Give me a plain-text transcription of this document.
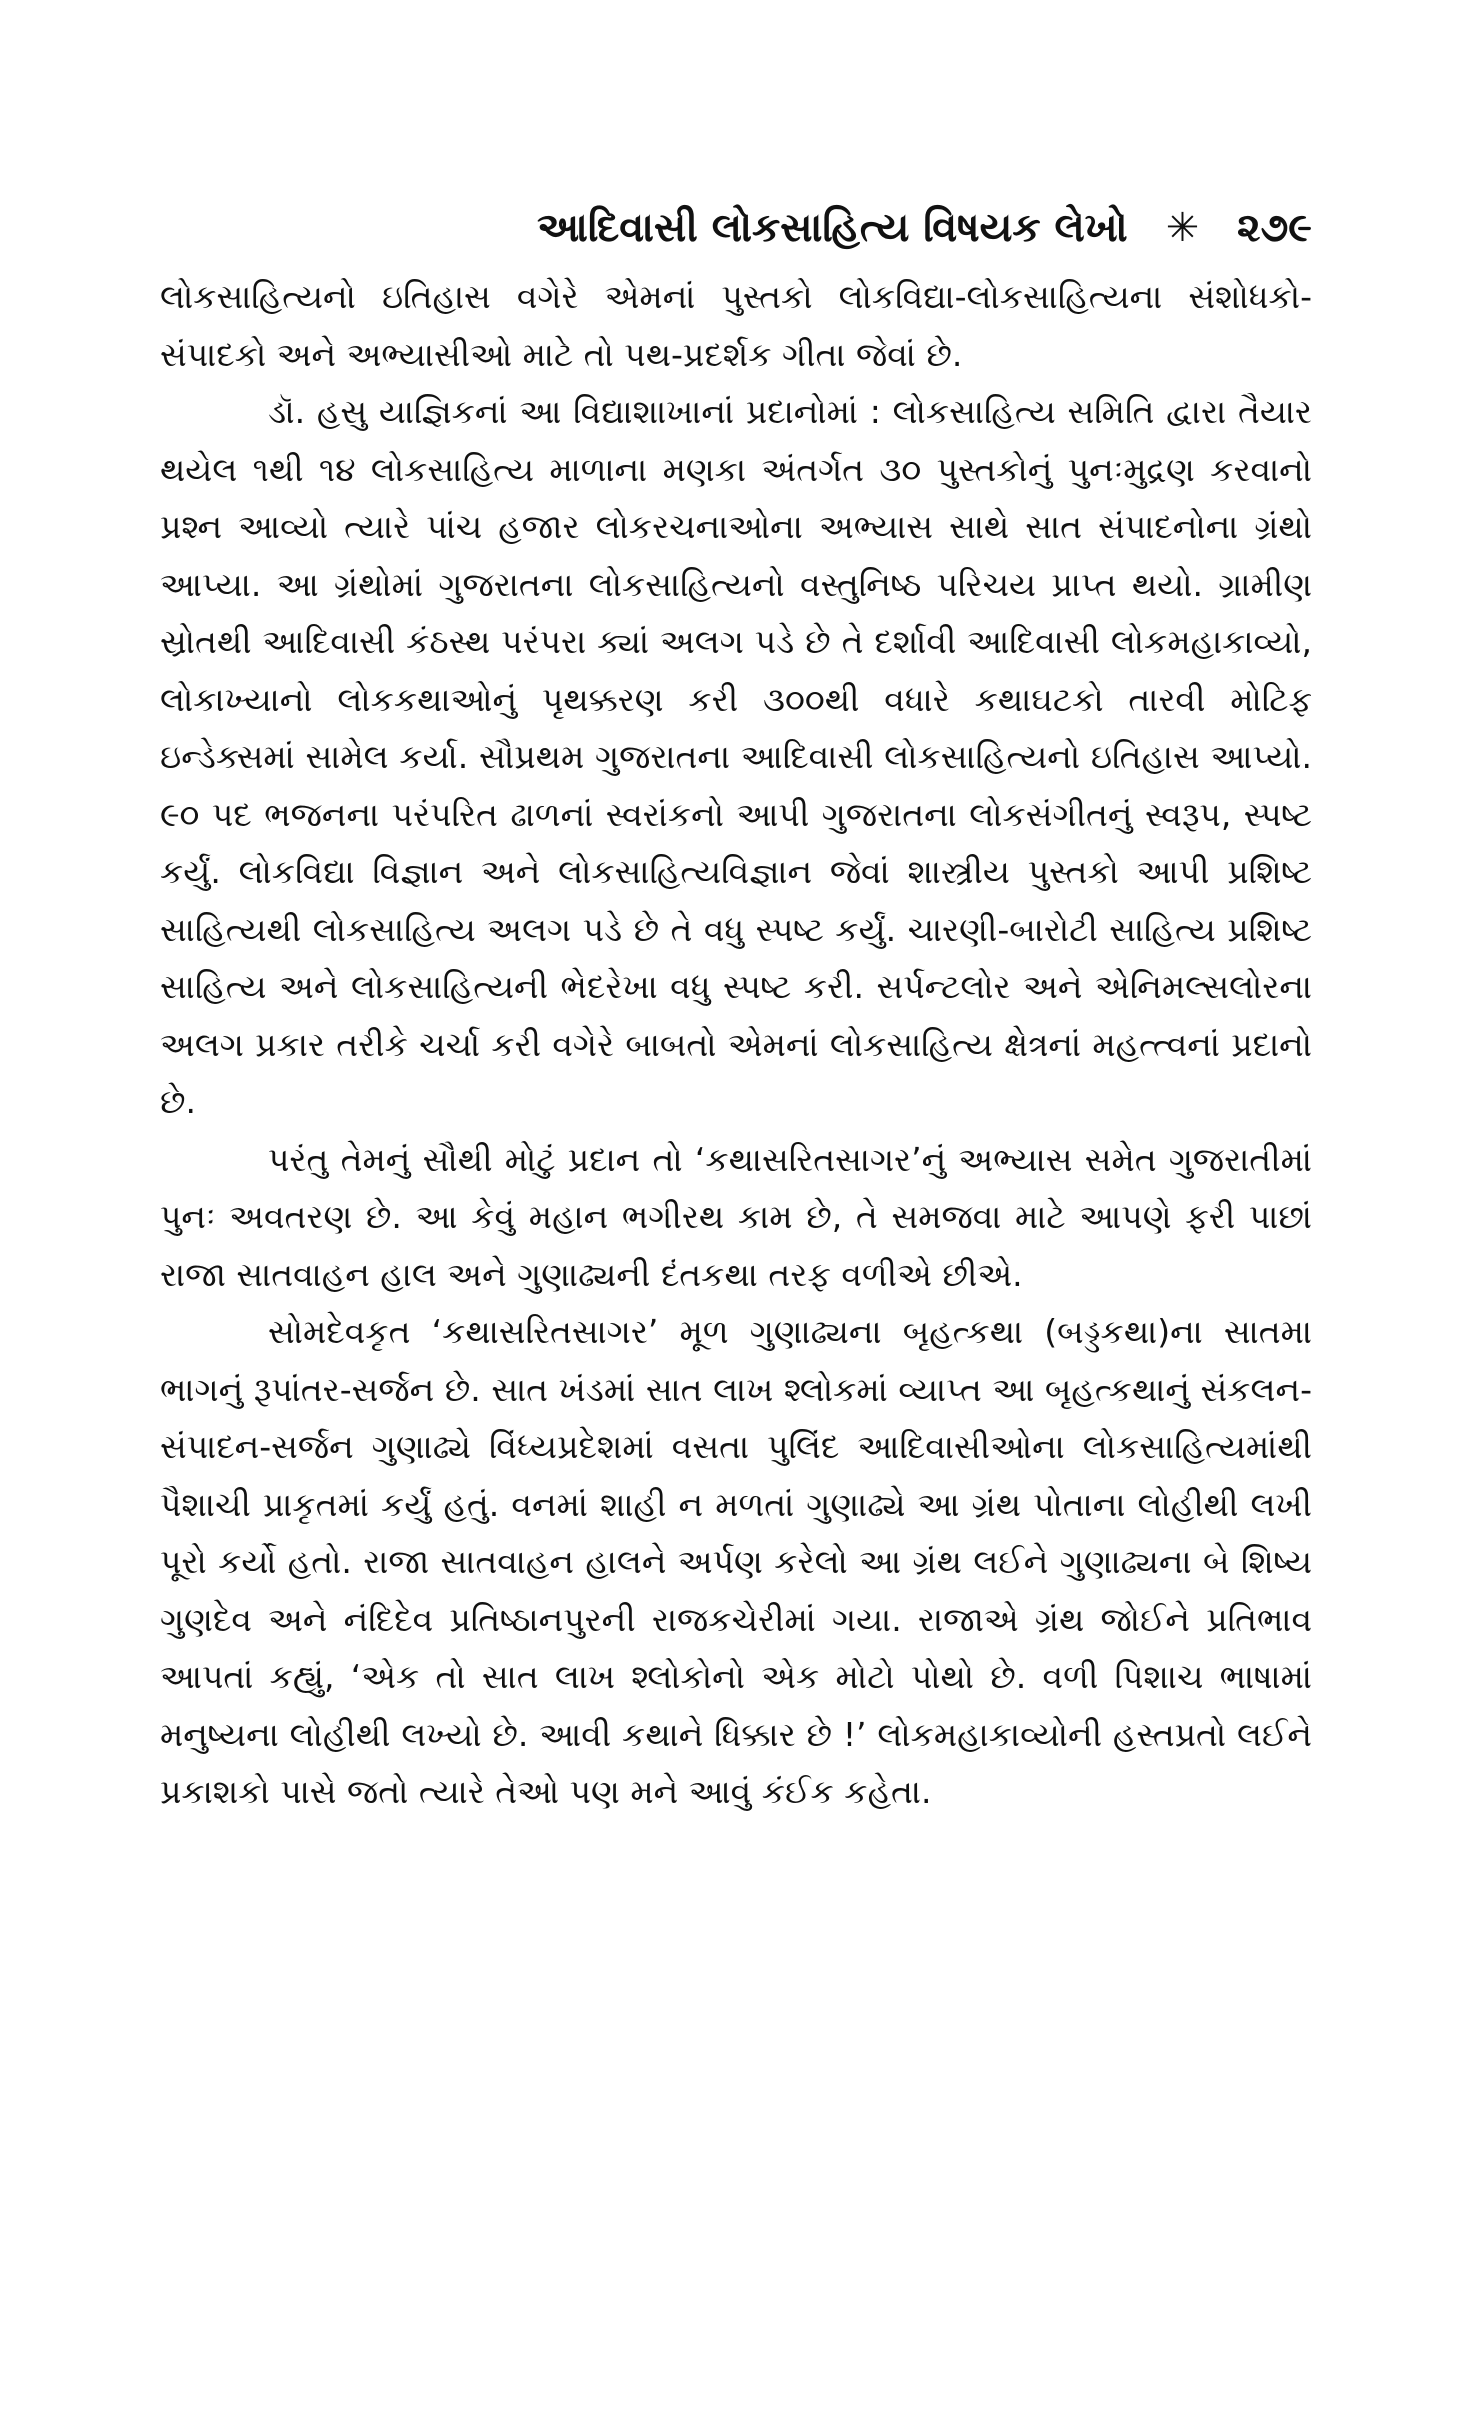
આદિવાસી લોકસાહિત્ય વિષયક લેખો ✳ ૨૭૯

લોકસાહિત્યનો ઇતિહાસ વગેરે એમનાં પુસ્તકો લોકવિદ્યા-લોકસાહિત્યના સંશોધકો-સંપાદકો અને અભ્યાસીઓ માટે તો પથ-પ્રદર્શક ગીતા જેવાં છે.

ડૉ. હસુ યાજ્ઞિકનાં આ વિદ્યાશાખાનાં પ્રદાનોમાં : લોકસાહિત્ય સમિતિ દ્વારા તૈયાર થયેલ ૧થી ૧૪ લોકસાહિત્ય માળાના મણકા અંતર્ગત ૩૦ પુસ્તકોનું પુનઃમુદ્રણ કરવાનો પ્રશ્ન આવ્યો ત્યારે પાંચ હજાર લોકરચનાઓના અભ્યાસ સાથે સાત સંપાદનોના ગ્રંથો આપ્યા. આ ગ્રંથોમાં ગુજરાતના લોકસાહિત્યનો વસ્તુનિષ્ઠ પરિચય પ્રાપ્ત થયો. ગ્રામીણ સ્રોતથી આદિવાસી કંઠસ્થ પરંપરા ક્યાં અલગ પડે છે તે દર્શાવી આદિવાસી લોકમહાકાવ્યો, લોકાખ્યાનો લોકકથાઓનું પૃથક્કરણ કરી ૩૦૦થી વધારે કથાઘટકો તારવી મોટિફ ઇન્ડેક્સમાં સામેલ કર્યા. સૌપ્રથમ ગુજરાતના આદિવાસી લોકસાહિત્યનો ઇતિહાસ આપ્યો. ૯૦ પદ ભજનના પરંપરિત ઢાળનાં સ્વરાંકનો આપી ગુજરાતના લોકસંગીતનું સ્વરૂપ, સ્પષ્ટ કર્યું. લોકવિદ્યા વિજ્ઞાન અને લોકસાહિત્યવિજ્ઞાન જેવાં શાસ્ત્રીય પુસ્તકો આપી પ્રશિષ્ટ સાહિત્યથી લોકસાહિત્ય અલગ પડે છે તે વધુ સ્પષ્ટ કર્યું. ચારણી-બારોટી સાહિત્ય પ્રશિષ્ટ સાહિત્ય અને લોકસાહિત્યની ભેદરેખા વધુ સ્પષ્ટ કરી. સર્પન્ટલોર અને એનિમલ્સલોરના અલગ પ્રકાર તરીકે ચર્ચા કરી વગેરે બાબતો એમનાં લોકસાહિત્ય ક્ષેત્રનાં મહત્ત્વનાં પ્રદાનો છે.

પરંતુ તેમનું સૌથી મોટું પ્રદાન તો ‘કથાસરિતસાગર’નું અભ્યાસ સમેત ગુજરાતીમાં પુનઃ અવતરણ છે. આ કેવું મહાન ભગીરથ કામ છે, તે સમજવા માટે આપણે ફરી પાછાં રાજા સાતવાહન હાલ અને ગુણાઢ્યની દંતકથા તરફ વળીએ છીએ.

સોમદેવકૃત ‘કથાસરિતસાગર’ મૂળ ગુણાઢ્યના બૃહત્કથા (બડ્ડકથા)ના સાતમા ભાગનું રૂપાંતર-સર્જન છે. સાત ખંડમાં સાત લાખ શ્લોકમાં વ્યાપ્ત આ બૃહત્કથાનું સંકલન-સંપાદન-સર્જન ગુણાઢ્યે વિંધ્યપ્રદેશમાં વસતા પુલિંદ આદિવાસીઓના લોકસાહિત્યમાંથી પૈશાચી પ્રાકૃતમાં કર્યું હતું. વનમાં શાહી ન મળતાં ગુણાઢ્યે આ ગ્રંથ પોતાના લોહીથી લખી પૂરો કર્યો હતો. રાજા સાતવાહન હાલને અર્પણ કરેલો આ ગ્રંથ લઈને ગુણાઢ્યના બે શિષ્ય ગુણદેવ અને નંદિદેવ પ્રતિષ્ઠાનપુરની રાજકચેરીમાં ગયા. રાજાએ ગ્રંથ જોઈને પ્રતિભાવ આપતાં કહ્યું, ‘એક તો સાત લાખ શ્લોકોનો એક મોટો પોથો છે. વળી પિશાચ ભાષામાં મનુષ્યના લોહીથી લખ્યો છે. આવી કથાને ધિક્કાર છે !’ લોકમહાકાવ્યોની હસ્તપ્રતો લઈને પ્રકાશકો પાસે જતો ત્યારે તેઓ પણ મને આવું કંઈક કહેતા.
